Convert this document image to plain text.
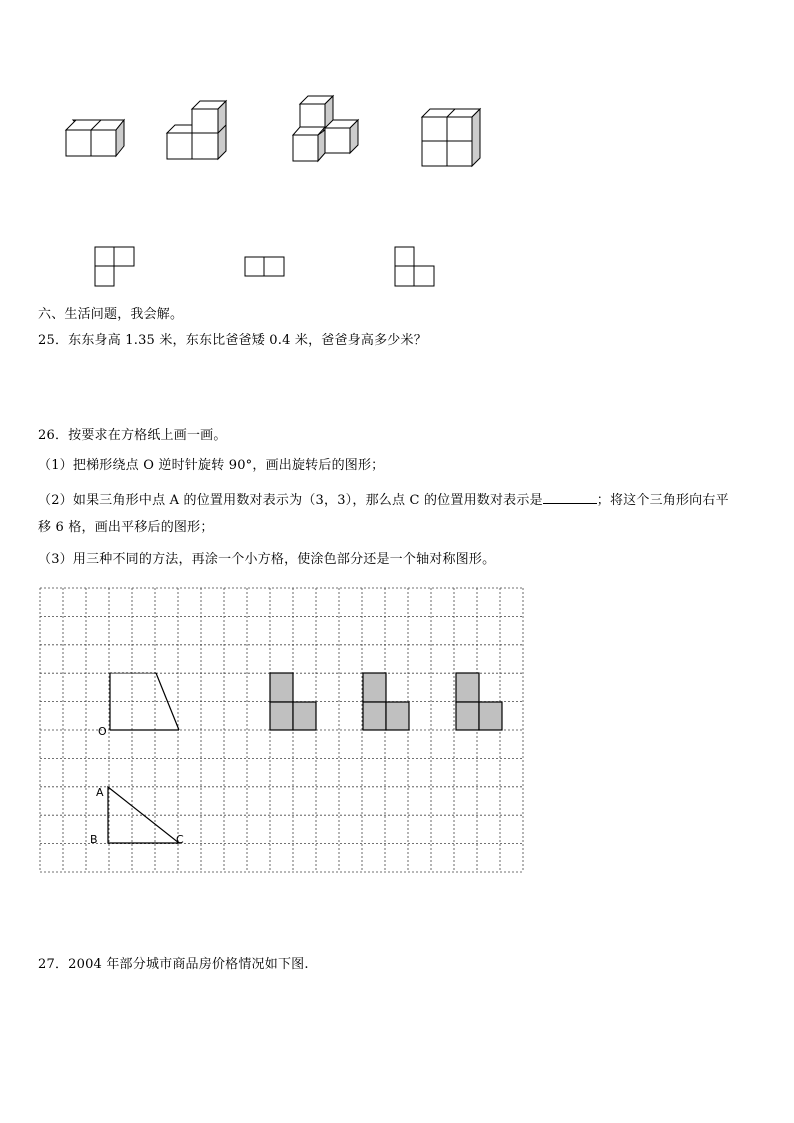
六、生活问题，我会解。
25．东东身高 1.35 米，东东比爸爸矮 0.4 米，爸爸身高多少米？
26．按要求在方格纸上画一画。
（1）把梯形绕点 O 逆时针旋转 90°，画出旋转后的图形；
（2）如果三角形中点 A 的位置用数对表示为（3，3），那么点 C 的位置用数对表示是	；将这个三角形向右平
移 6 格，画出平移后的图形；
（3）用三种不同的方法，再涂一个小方格，使涂色部分还是一个轴对称图形。
O
A
B	C
27．2004 年部分城市商品房价格情况如下图.
